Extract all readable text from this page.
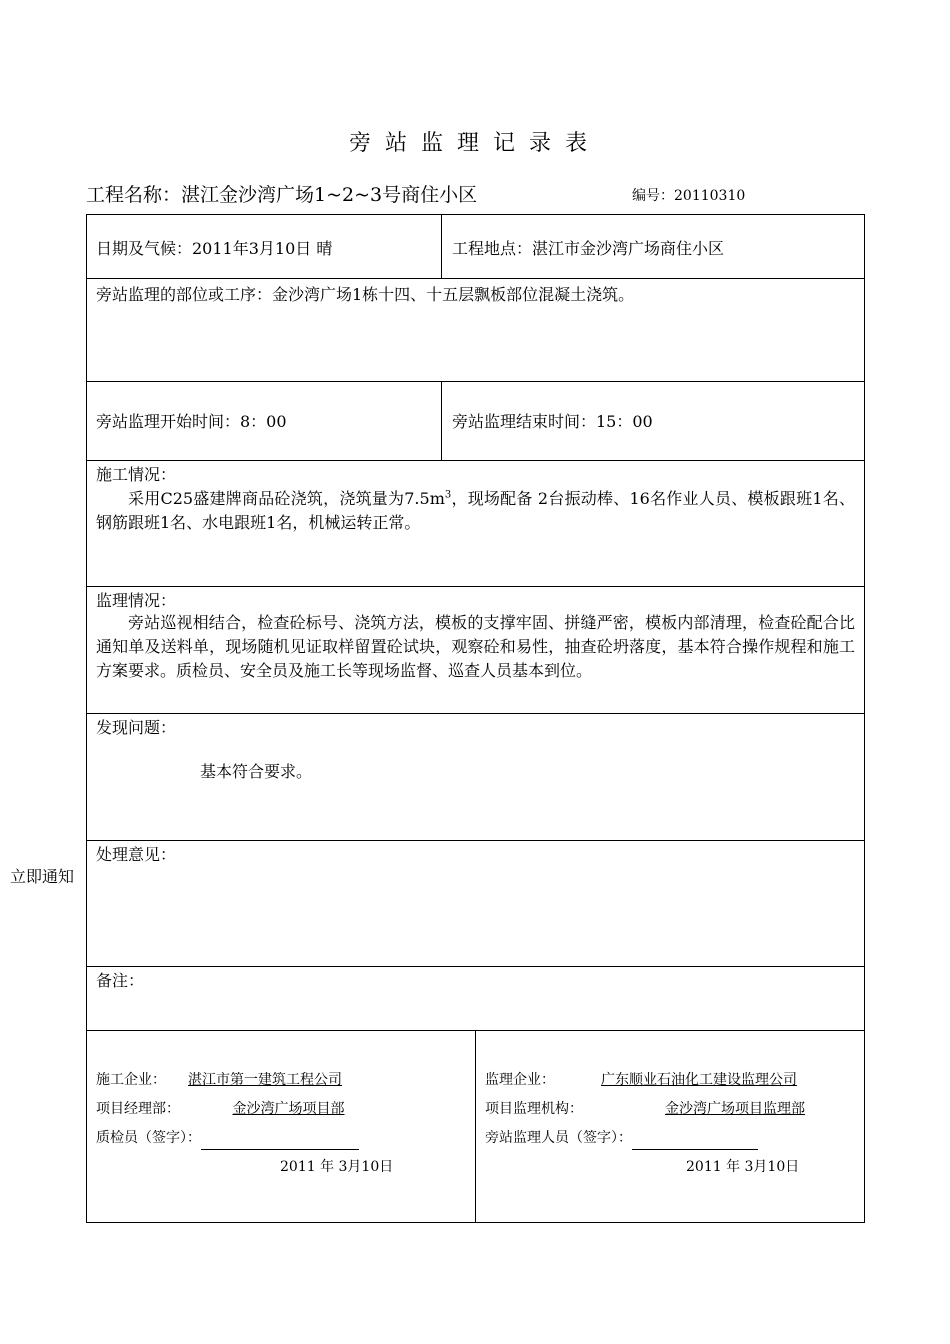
旁站监理记录表
工程名称：湛江金沙湾广场1~2~3号商住小区	编号：20110310
立即通知
日期及气候：2011年3月10日 晴	工程地点：湛江市金沙湾广场商住小区
旁站监理的部位或工序：金沙湾广场1栋十四、十五层飘板部位混凝土浇筑。
旁站监理开始时间：8：00	旁站监理结束时间：15：00
施工情况：
采用C25盛建牌商品砼浇筑，浇筑量为$7.5m^3$，现场配备 2台振动棒、16名作业人员、模板跟班1名、钢筋跟班1名、水电跟班1名，机械运转正常。
监理情况：
旁站巡视相结合，检查砼标号、浇筑方法，模板的支撑牢固、拼缝严密，模板内部清理，检查砼配合比通知单及送料单，现场随机见证取样留置砼试块，观察砼和易性，抽查砼坍落度，基本符合操作规程和施工方案要求。质检员、安全员及施工长等现场监督、巡查人员基本到位。
发现问题：
基本符合要求。
处理意见：
备注：
施工企业： 湛江市第一建筑工程公司
项目经理部：	金沙湾广场项目部
质检员（签字）：
2011 年 3月10日
监理企业：	广东顺业石油化工建设监理公司
项目监理机构：	金沙湾广场项目监理部
旁站监理人员（签字）：
2011 年 3月10日
